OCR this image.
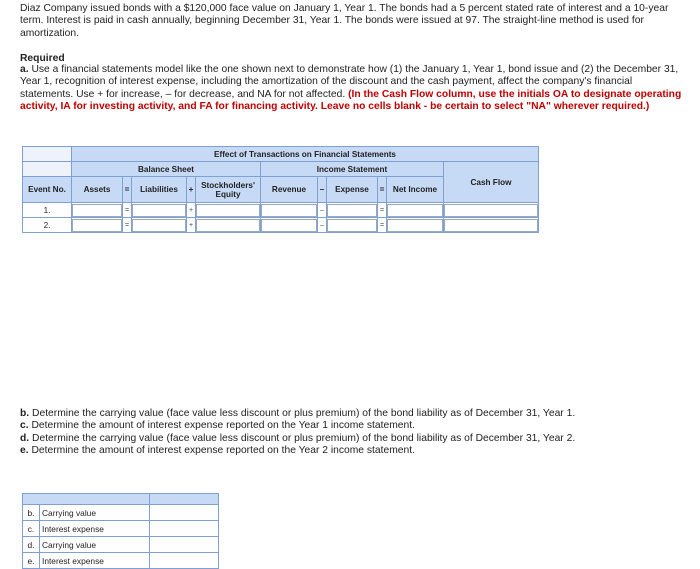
Diaz Company issued bonds with a $120,000 face value on January 1, Year 1. The bonds had a 5 percent stated rate of interest and a 10-year term. Interest is paid in cash annually, beginning December 31, Year 1. The bonds were issued at 97. The straight-line method is used for amortization.
Required
a. Use a financial statements model like the one shown next to demonstrate how (1) the January 1, Year 1, bond issue and (2) the December 31, Year 1, recognition of interest expense, including the amortization of the discount and the cash payment, affect the company's financial statements. Use + for increase, – for decrease, and NA for not affected. (In the Cash Flow column, use the initials OA to designate operating activity, IA for investing activity, and FA for financing activity. Leave no cells blank - be certain to select "NA" wherever required.)
	Effect of Transactions on Financial Statements										
	Balance Sheet					Income Statement					Cash Flow
Event No.	Assets	=	Liabilities	+	Stockholders' Equity	Revenue	–	Expense	=	Net Income	
1.		=		+			–		=		
2.		=		+			–		=		
b. Determine the carrying value (face value less discount or plus premium) of the bond liability as of December 31, Year 1.
c. Determine the amount of interest expense reported on the Year 1 income statement.
d. Determine the carrying value (face value less discount or plus premium) of the bond liability as of December 31, Year 2.
e. Determine the amount of interest expense reported on the Year 2 income statement.

b.	Carrying value	
c.	Interest expense	
d.	Carrying value	
e.	Interest expense	
